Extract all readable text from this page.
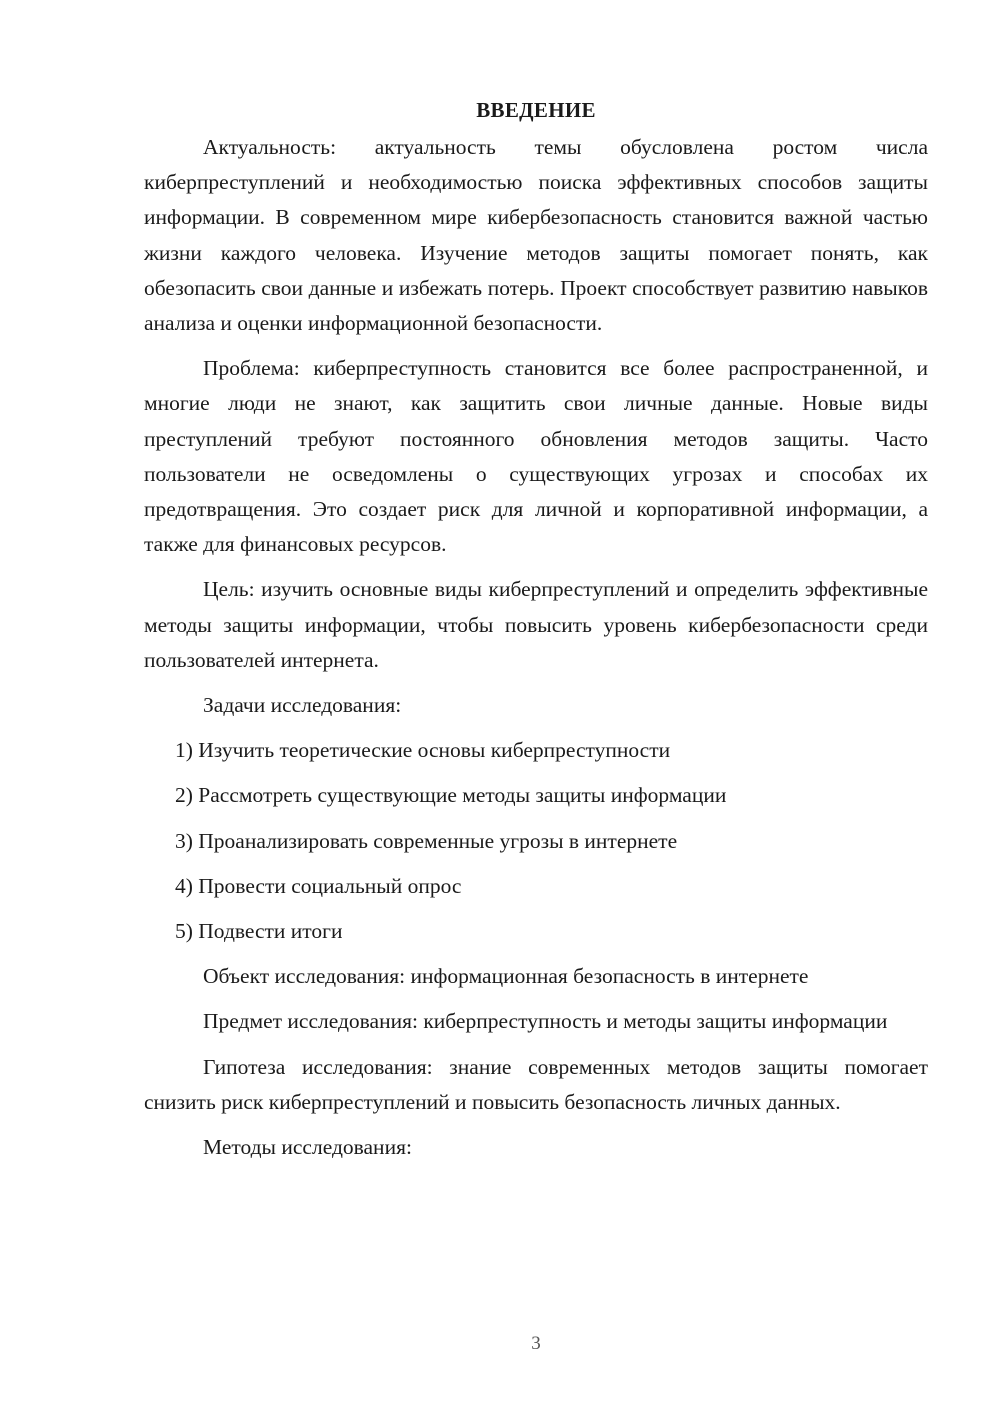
ВВЕДЕНИЕ

Актуальность: актуальность темы обусловлена ростом числа киберпреступлений и необходимостью поиска эффективных способов защиты информации. В современном мире кибербезопасность становится важной частью жизни каждого человека. Изучение методов защиты помогает понять, как обезопасить свои данные и избежать потерь. Проект способствует развитию навыков анализа и оценки информационной безопасности.

Проблема: киберпреступность становится все более распространенной, и многие люди не знают, как защитить свои личные данные. Новые виды преступлений требуют постоянного обновления методов защиты. Часто пользователи не осведомлены о существующих угрозах и способах их предотвращения. Это создает риск для личной и корпоративной информации, а также для финансовых ресурсов.

Цель: изучить основные виды киберпреступлений и определить эффективные методы защиты информации, чтобы повысить уровень кибербезопасности среди пользователей интернета.

Задачи исследования:

1) Изучить теоретические основы киберпреступности
2) Рассмотреть существующие методы защиты информации
3) Проанализировать современные угрозы в интернете
4) Провести социальный опрос
5) Подвести итоги

Объект исследования: информационная безопасность в интернете

Предмет исследования: киберпреступность и методы защиты информации

Гипотеза исследования: знание современных методов защиты помогает снизить риск киберпреступлений и повысить безопасность личных данных.

Методы исследования:

3
